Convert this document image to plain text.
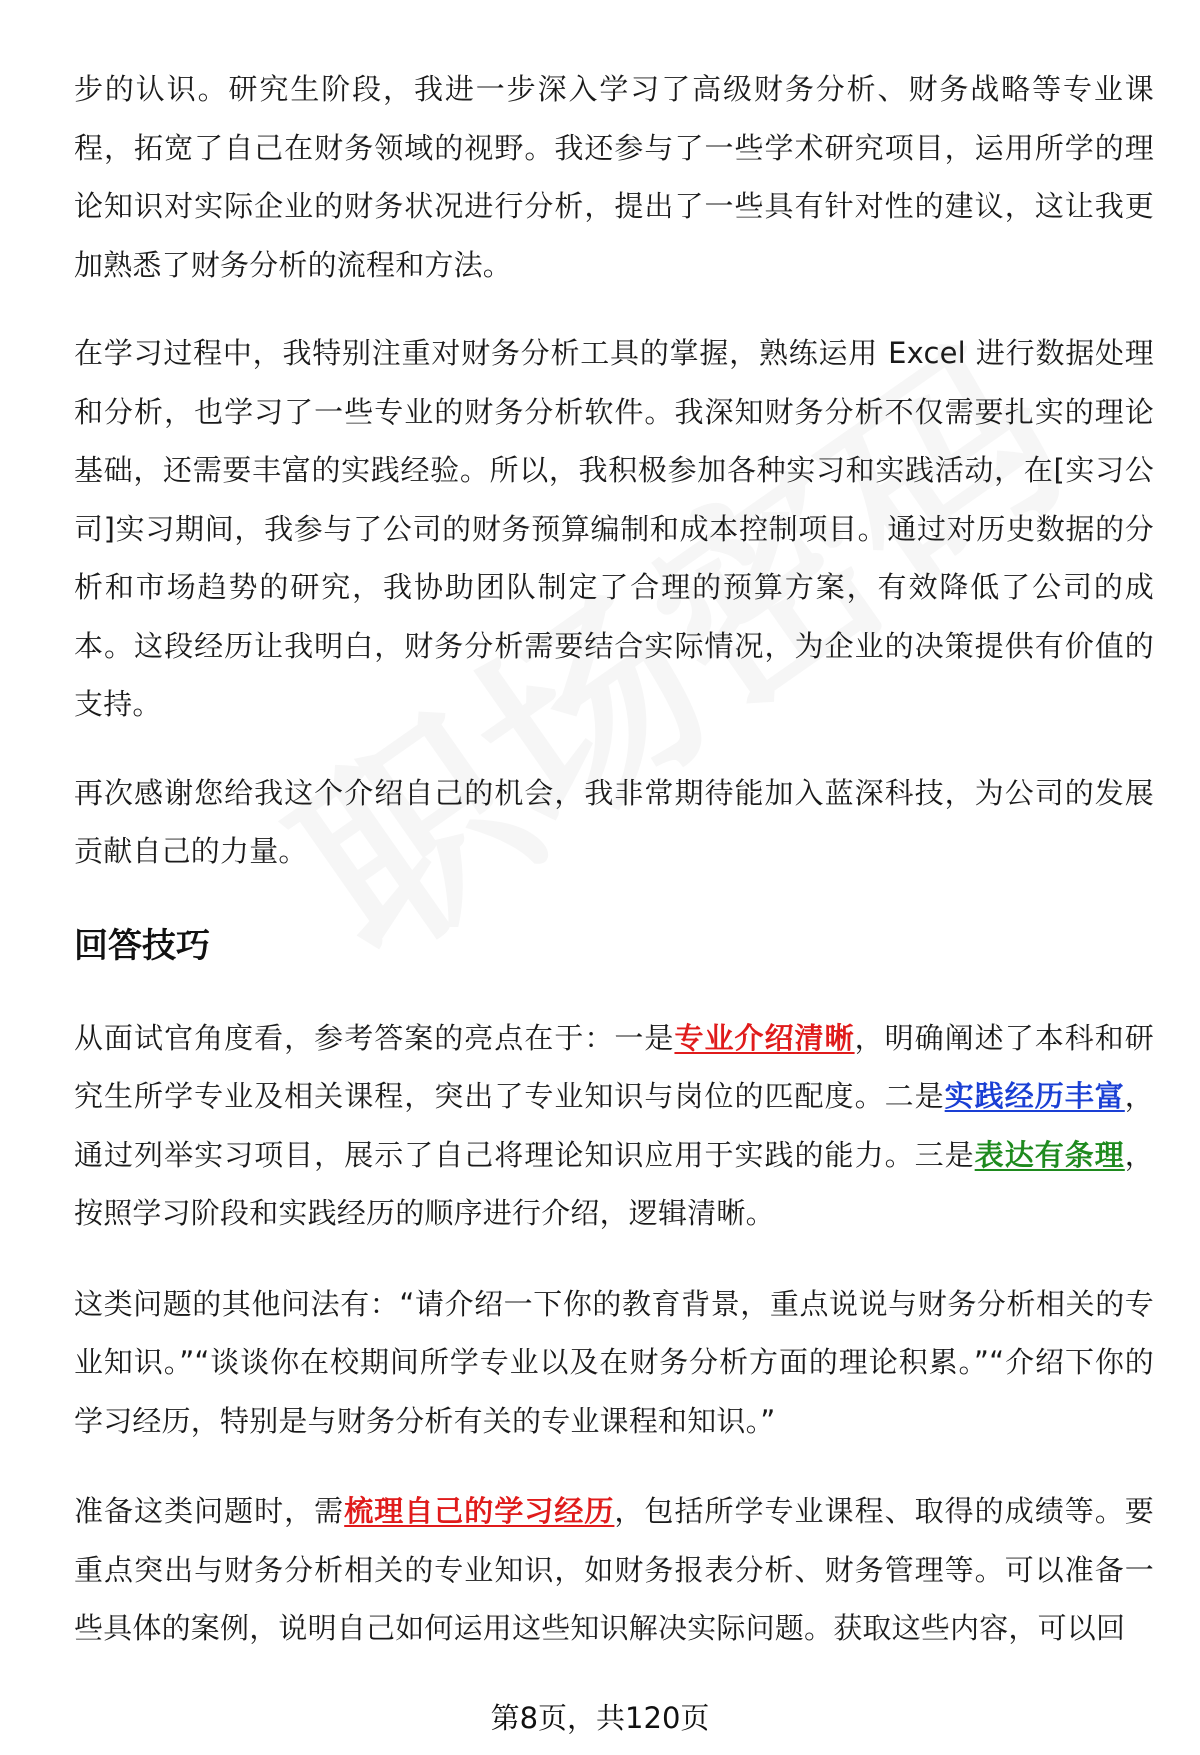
步的认识。研究生阶段，我进一步深入学习了高级财务分析、财务战略等专业课程，拓宽了自己在财务领域的视野。我还参与了一些学术研究项目，运用所学的理论知识对实际企业的财务状况进行分析，提出了一些具有针对性的建议，这让我更加熟悉了财务分析的流程和方法。

在学习过程中，我特别注重对财务分析工具的掌握，熟练运用 Excel 进行数据处理和分析，也学习了一些专业的财务分析软件。我深知财务分析不仅需要扎实的理论基础，还需要丰富的实践经验。所以，我积极参加各种实习和实践活动，在[实习公司]实习期间，我参与了公司的财务预算编制和成本控制项目。通过对历史数据的分析和市场趋势的研究，我协助团队制定了合理的预算方案，有效降低了公司的成本。这段经历让我明白，财务分析需要结合实际情况，为企业的决策提供有价值的支持。

再次感谢您给我这个介绍自己的机会，我非常期待能加入蓝深科技，为公司的发展贡献自己的力量。

回答技巧

从面试官角度看，参考答案的亮点在于：一是专业介绍清晰，明确阐述了本科和研究生所学专业及相关课程，突出了专业知识与岗位的匹配度。二是实践经历丰富，通过列举实习项目，展示了自己将理论知识应用于实践的能力。三是表达有条理，按照学习阶段和实践经历的顺序进行介绍，逻辑清晰。

这类问题的其他问法有：“请介绍一下你的教育背景，重点说说与财务分析相关的专业知识。”“谈谈你在校期间所学专业以及在财务分析方面的理论积累。”“介绍下你的学习经历，特别是与财务分析有关的专业课程和知识。”

准备这类问题时，需梳理自己的学习经历，包括所学专业课程、取得的成绩等。要重点突出与财务分析相关的专业知识，如财务报表分析、财务管理等。可以准备一些具体的案例，说明自己如何运用这些知识解决实际问题。获取这些内容，可以回

第8页，共120页
